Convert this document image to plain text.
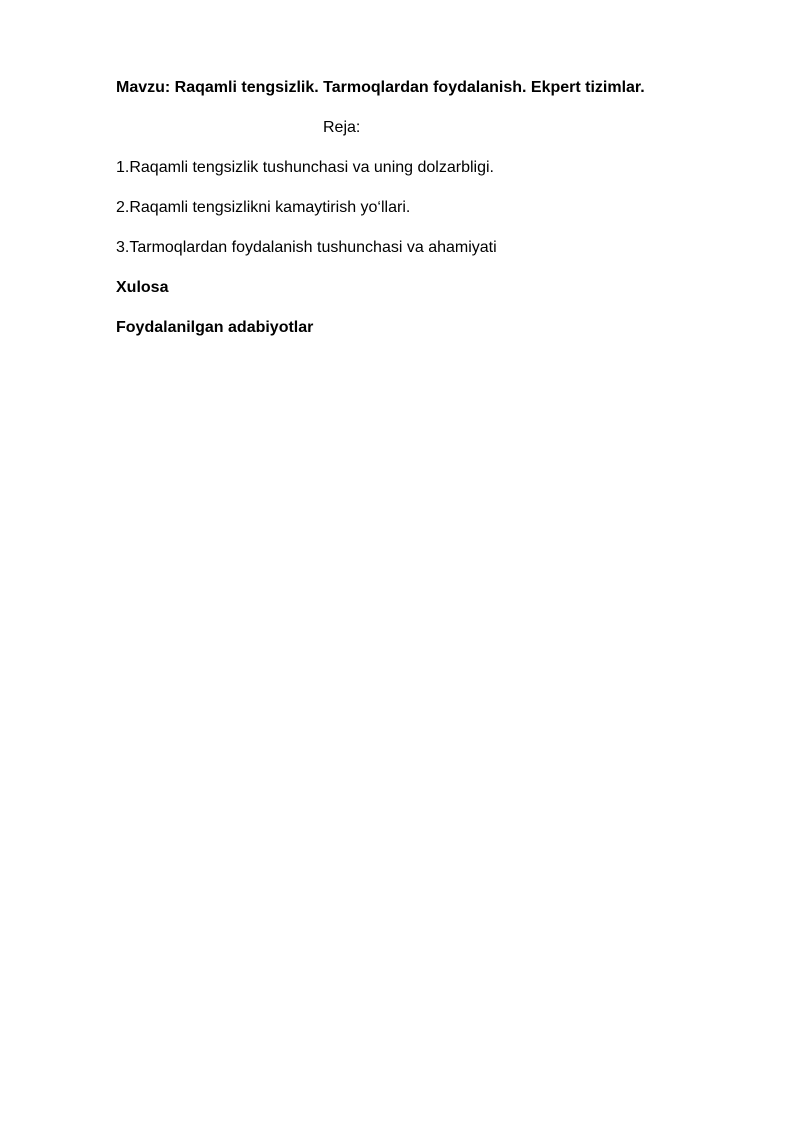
Mavzu: Raqamli tengsizlik. Tarmoqlardan foydalanish. Ekpert tizimlar.
Reja:
1.Raqamli tengsizlik tushunchasi va uning dolzarbligi.
2.Raqamli tengsizlikni kamaytirish yo‘llari.
3.Tarmoqlardan foydalanish tushunchasi va ahamiyati
Xulosa
Foydalanilgan adabiyotlar
